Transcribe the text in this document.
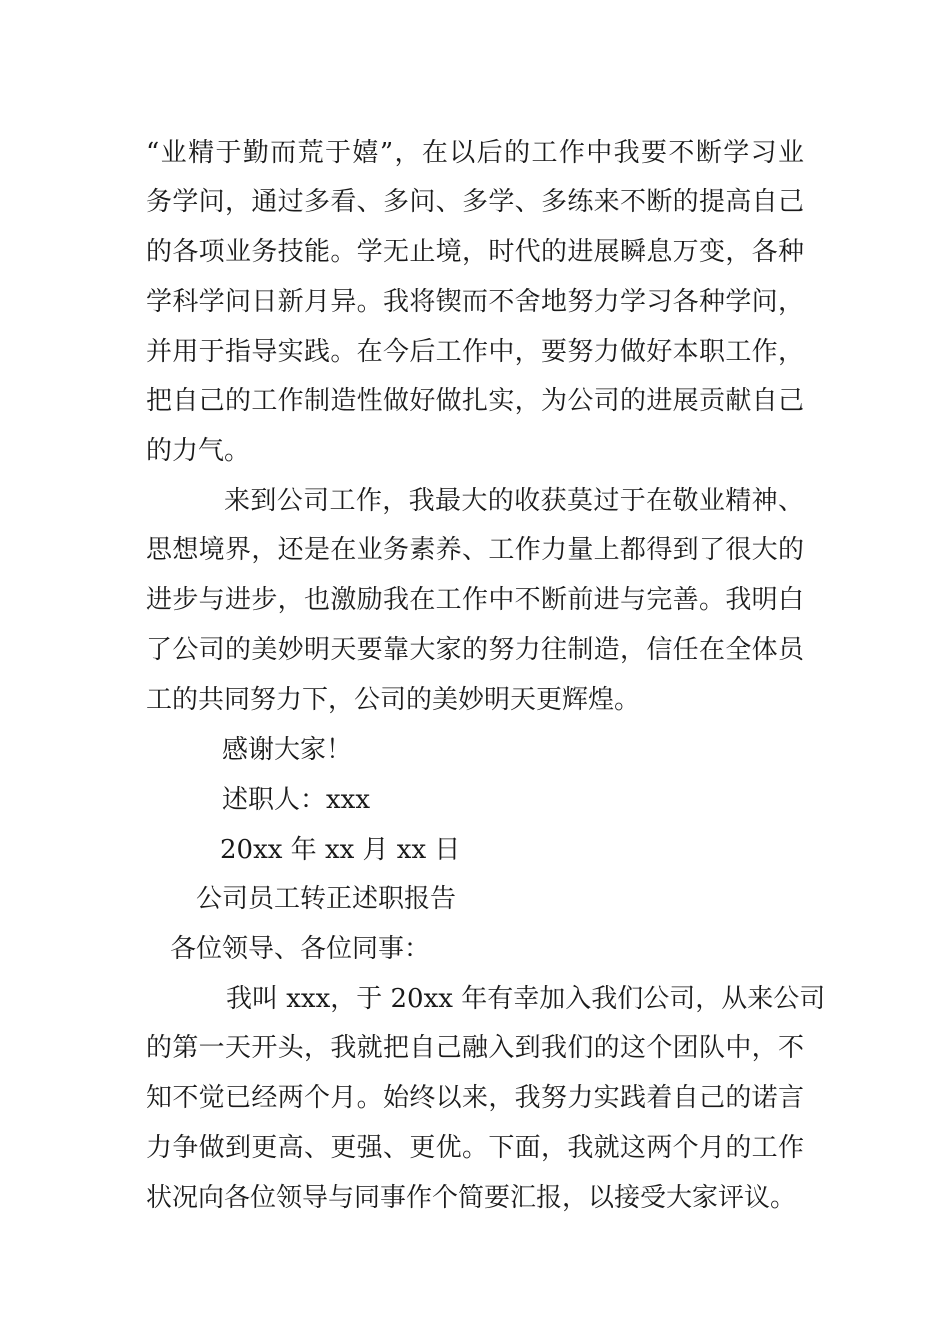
“业精于勤而荒于嬉”，在以后的工作中我要不断学习业
务学问，通过多看、多问、多学、多练来不断的提高自己
的各项业务技能。学无止境，时代的进展瞬息万变，各种
学科学问日新月异。我将锲而不舍地努力学习各种学问，
并用于指导实践。在今后工作中，要努力做好本职工作，
把自己的工作制造性做好做扎实，为公司的进展贡献自己
的力气。
来到公司工作，我最大的收获莫过于在敬业精神、
思想境界，还是在业务素养、工作力量上都得到了很大的
进步与进步，也激励我在工作中不断前进与完善。我明白
了公司的美妙明天要靠大家的努力往制造，信任在全体员
工的共同努力下，公司的美妙明天更辉煌。
感谢大家！
述职人：xxx
20xx 年 xx 月 xx 日
公司员工转正述职报告
各位领导、各位同事：
我叫 xxx，于 20xx 年有幸加入我们公司，从来公司
的第一天开头，我就把自己融入到我们的这个团队中，不
知不觉已经两个月。始终以来，我努力实践着自己的诺言
力争做到更高、更强、更优。下面，我就这两个月的工作
状况向各位领导与同事作个简要汇报，以接受大家评议。
